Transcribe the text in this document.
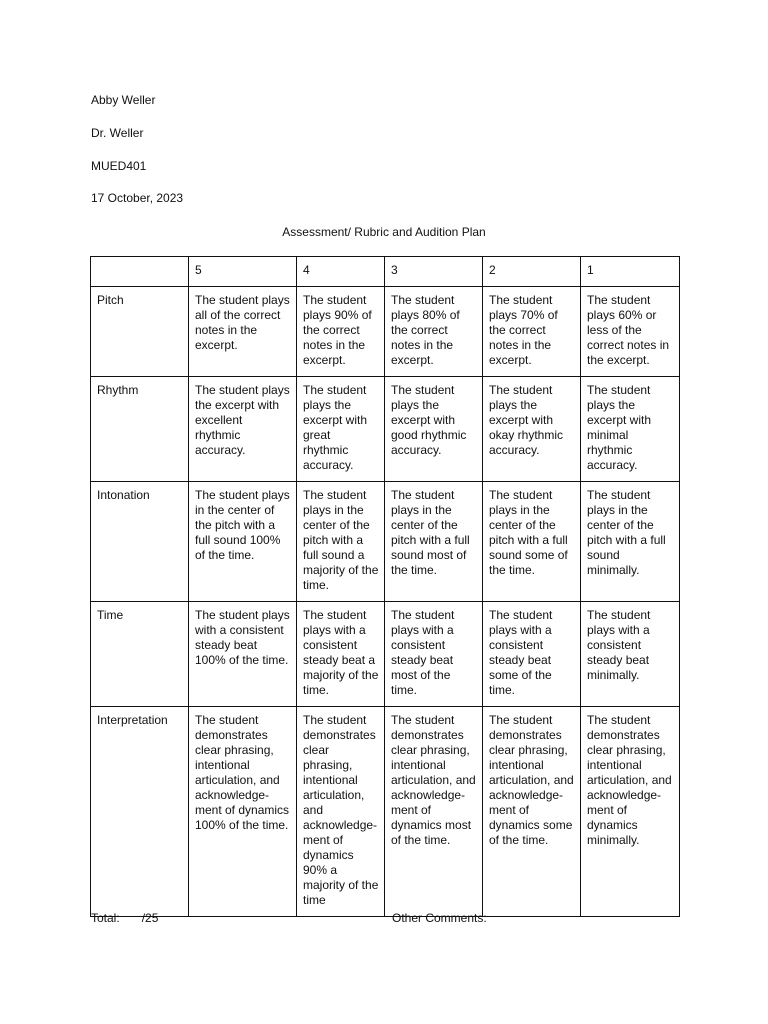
Abby Weller

Dr. Weller

MUED401

17 October, 2023

Assessment/ Rubric and Audition Plan
	5	4	3	2	1
Pitch	The student plays all of the correct notes in the excerpt.	The student plays 90% of the correct notes in the excerpt.	The student plays 80% of the correct notes in the excerpt.	The student plays 70% of the correct notes in the excerpt.	The student plays 60% or less of the correct notes in the excerpt.
Rhythm	The student plays the excerpt with excellent rhythmic accuracy.	The student plays the excerpt with great rhythmic accuracy.	The student plays the excerpt with good rhythmic accuracy.	The student plays the excerpt with okay rhythmic accuracy.	The student plays the excerpt with minimal rhythmic accuracy.
Intonation	The student plays in the center of the pitch with a full sound 100% of the time.	The student plays in the center of the pitch with a full sound a majority of the time.	The student plays in the center of the pitch with a full sound most of the time.	The student plays in the center of the pitch with a full sound some of the time.	The student plays in the center of the pitch with a full sound minimally.
Time	The student plays with a consistent steady beat 100% of the time.	The student plays with a consistent steady beat a majority of the time.	The student plays with a consistent steady beat most of the time.	The student plays with a consistent steady beat some of the time.	The student plays with a consistent steady beat minimally.
Interpretation	The student demonstrates clear phrasing, intentional articulation, and acknowledge-ment of dynamics 100% of the time.	The student demonstrates clear phrasing, intentional articulation, and acknowledge-ment of dynamics 90% a majority of the time	The student demonstrates clear phrasing, intentional articulation, and acknowledge-ment of dynamics most of the time.	The student demonstrates clear phrasing, intentional articulation, and acknowledge-ment of dynamics some of the time.	The student demonstrates clear phrasing, intentional articulation, and acknowledge-ment of dynamics minimally.
Total: /25	Other Comments:
